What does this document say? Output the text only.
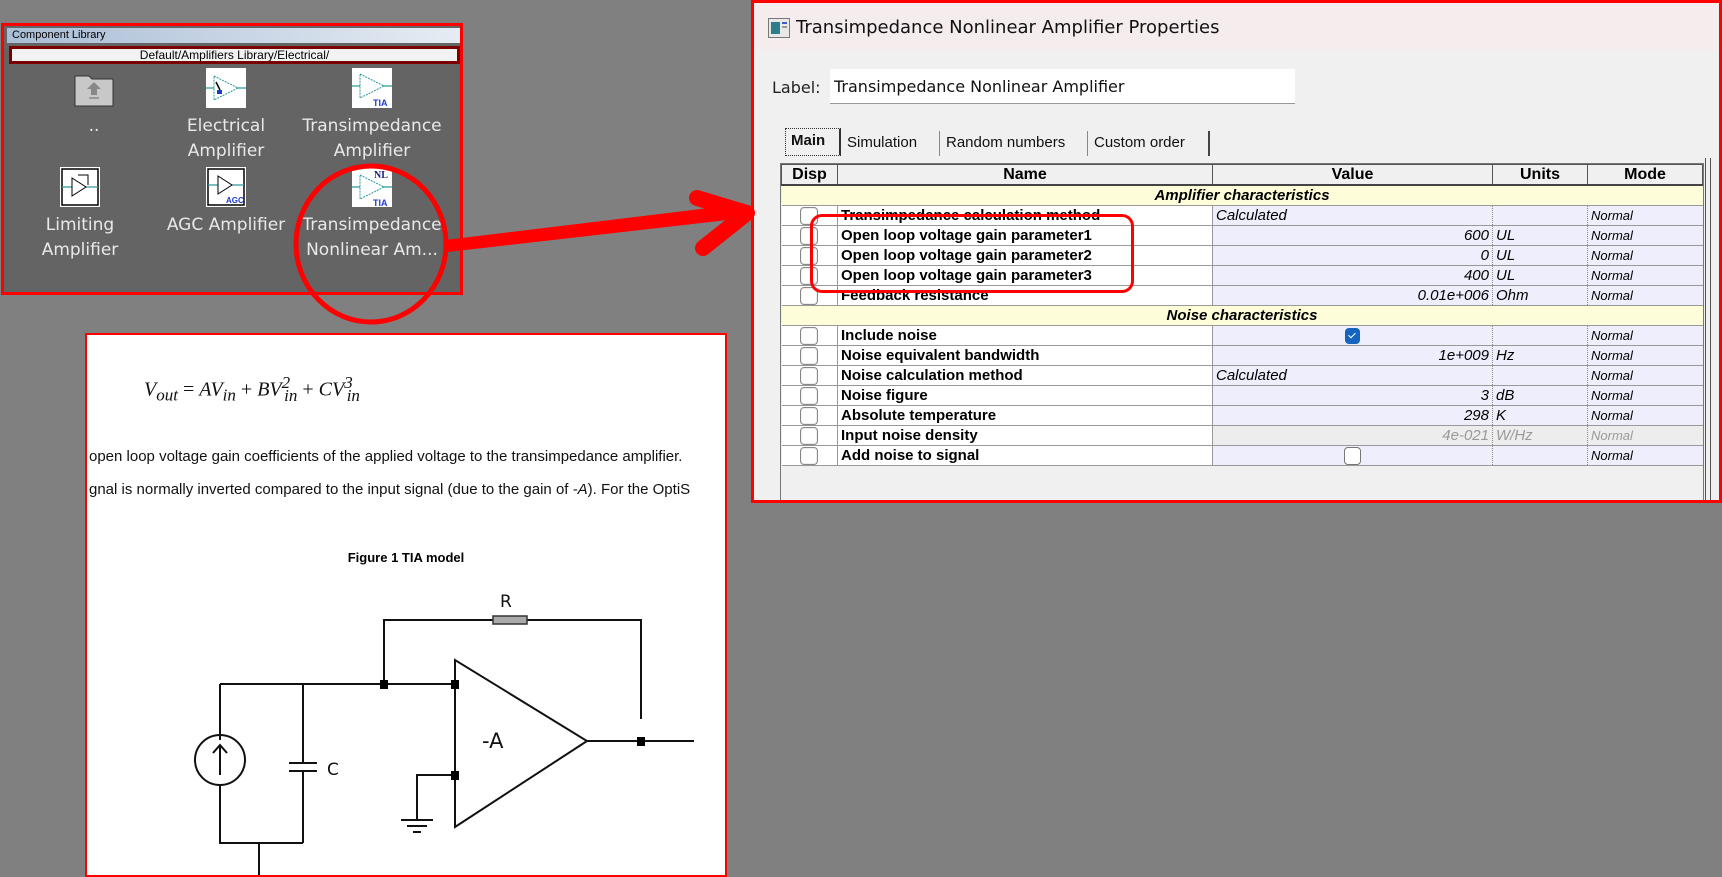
Component Library
Default/Amplifiers Library/Electrical/
..	Electrical
Amplifier
TIA
Transimpedance
Amplifier
Limiting
Amplifier
AGC
AGC Amplifier
NL
TIA
Transimpedance
Nonlinear Am...
$V_{out} = AV_{in} + BV^2_{in} + CV^3_{in}$
open loop voltage gain coefficients of the applied voltage to the transimpedance amplifier.
gnal is normally inverted compared to the input signal (due to the gain of -A). For the OptiS
Figure 1 TIA model
R
C
-A
Transimpedance Nonlinear Amplifier Properties
Label:
Transimpedance Nonlinear Amplifier
Main	Simulation	Random numbers	Custom order
Disp	Name	Value	Units	Mode
Amplifier characteristics				
	Transimpedance calculation method	Calculated		Normal
	Open loop voltage gain parameter1	600	UL	Normal
	Open loop voltage gain parameter2	0	UL	Normal
	Open loop voltage gain parameter3	400	UL	Normal
	Feedback resistance	0.01e+006	Ohm	Normal
Noise characteristics				
	Include noise			Normal
	Noise equivalent bandwidth	1e+009	Hz	Normal
	Noise calculation method	Calculated		Normal
	Noise figure	3	dB	Normal
	Absolute temperature	298	K	Normal
	Input noise density	4e-021	W/Hz	Normal
	Add noise to signal			Normal
